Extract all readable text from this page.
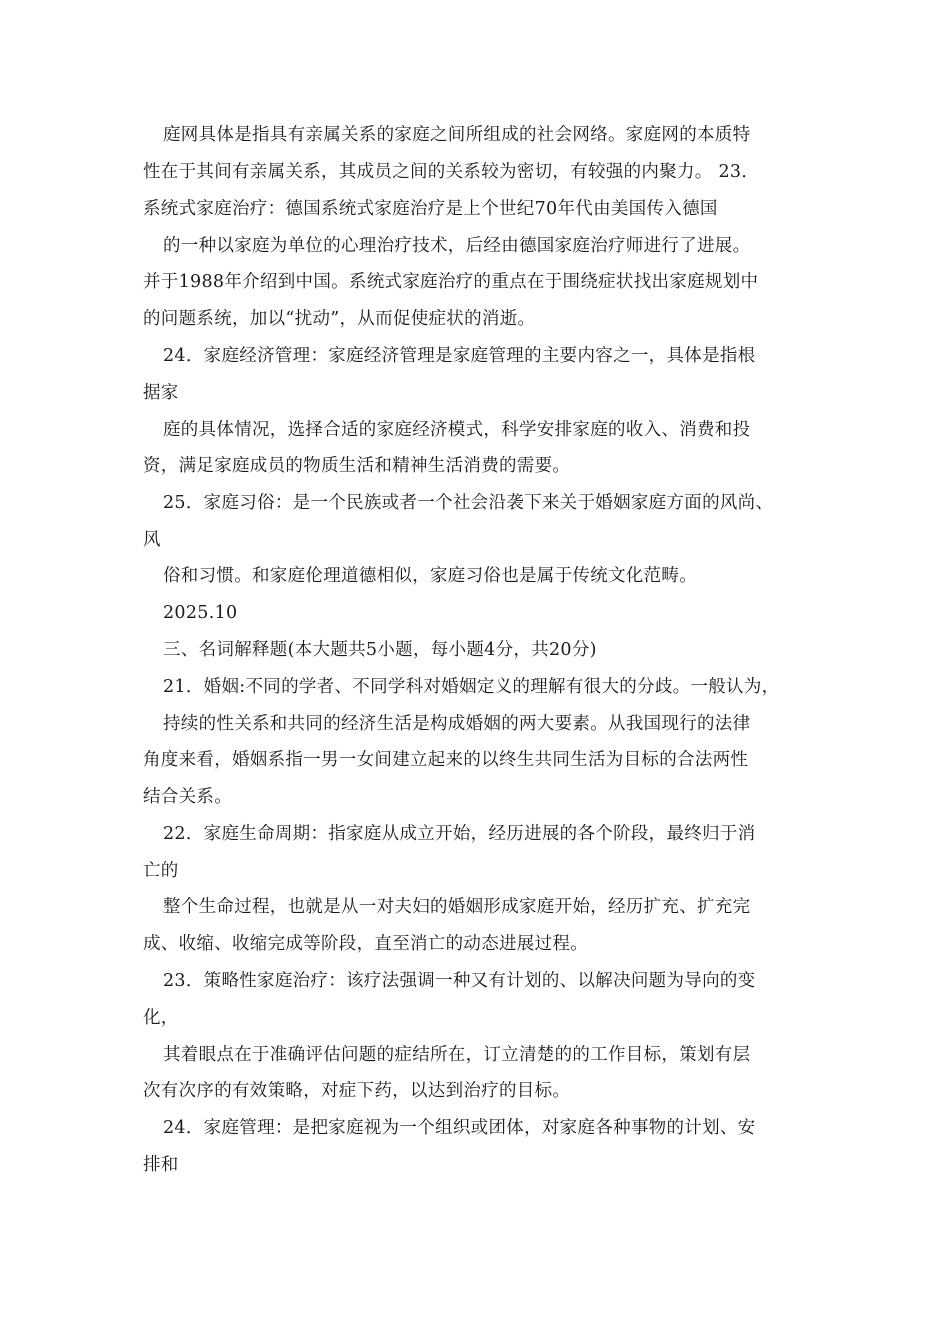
庭网具体是指具有亲属关系的家庭之间所组成的社会网络。家庭网的本质特
性在于其间有亲属关系，其成员之间的关系较为密切，有较强的内聚力。 23．
系统式家庭治疗：德国系统式家庭治疗是上个世纪70年代由美国传入德国
的一种以家庭为单位的心理治疗技术，后经由德国家庭治疗师进行了进展。
并于1988年介绍到中国。系统式家庭治疗的重点在于围绕症状找出家庭规划中
的问题系统，加以“扰动”，从而促使症状的消逝。
24．家庭经济管理：家庭经济管理是家庭管理的主要内容之一，具体是指根
据家
庭的具体情况，选择合适的家庭经济模式，科学安排家庭的收入、消费和投
资，满足家庭成员的物质生活和精神生活消费的需要。
25．家庭习俗：是一个民族或者一个社会沿袭下来关于婚姻家庭方面的风尚、
风
俗和习惯。和家庭伦理道德相似，家庭习俗也是属于传统文化范畴。
2025.10
三、名词解释题(本大题共5小题，每小题4分，共20分)
21．婚姻:不同的学者、不同学科对婚姻定义的理解有很大的分歧。一般认为，
持续的性关系和共同的经济生活是构成婚姻的两大要素。从我国现行的法律
角度来看，婚姻系指一男一女间建立起来的以终生共同生活为目标的合法两性
结合关系。
22．家庭生命周期：指家庭从成立开始，经历进展的各个阶段，最终归于消
亡的
整个生命过程，也就是从一对夫妇的婚姻形成家庭开始，经历扩充、扩充完
成、收缩、收缩完成等阶段，直至消亡的动态进展过程。
23．策略性家庭治疗：该疗法强调一种又有计划的、以解决问题为导向的变
化，
其着眼点在于准确评估问题的症结所在，订立清楚的的工作目标，策划有层
次有次序的有效策略，对症下药，以达到治疗的目标。
24．家庭管理：是把家庭视为一个组织或团体，对家庭各种事物的计划、安
排和
